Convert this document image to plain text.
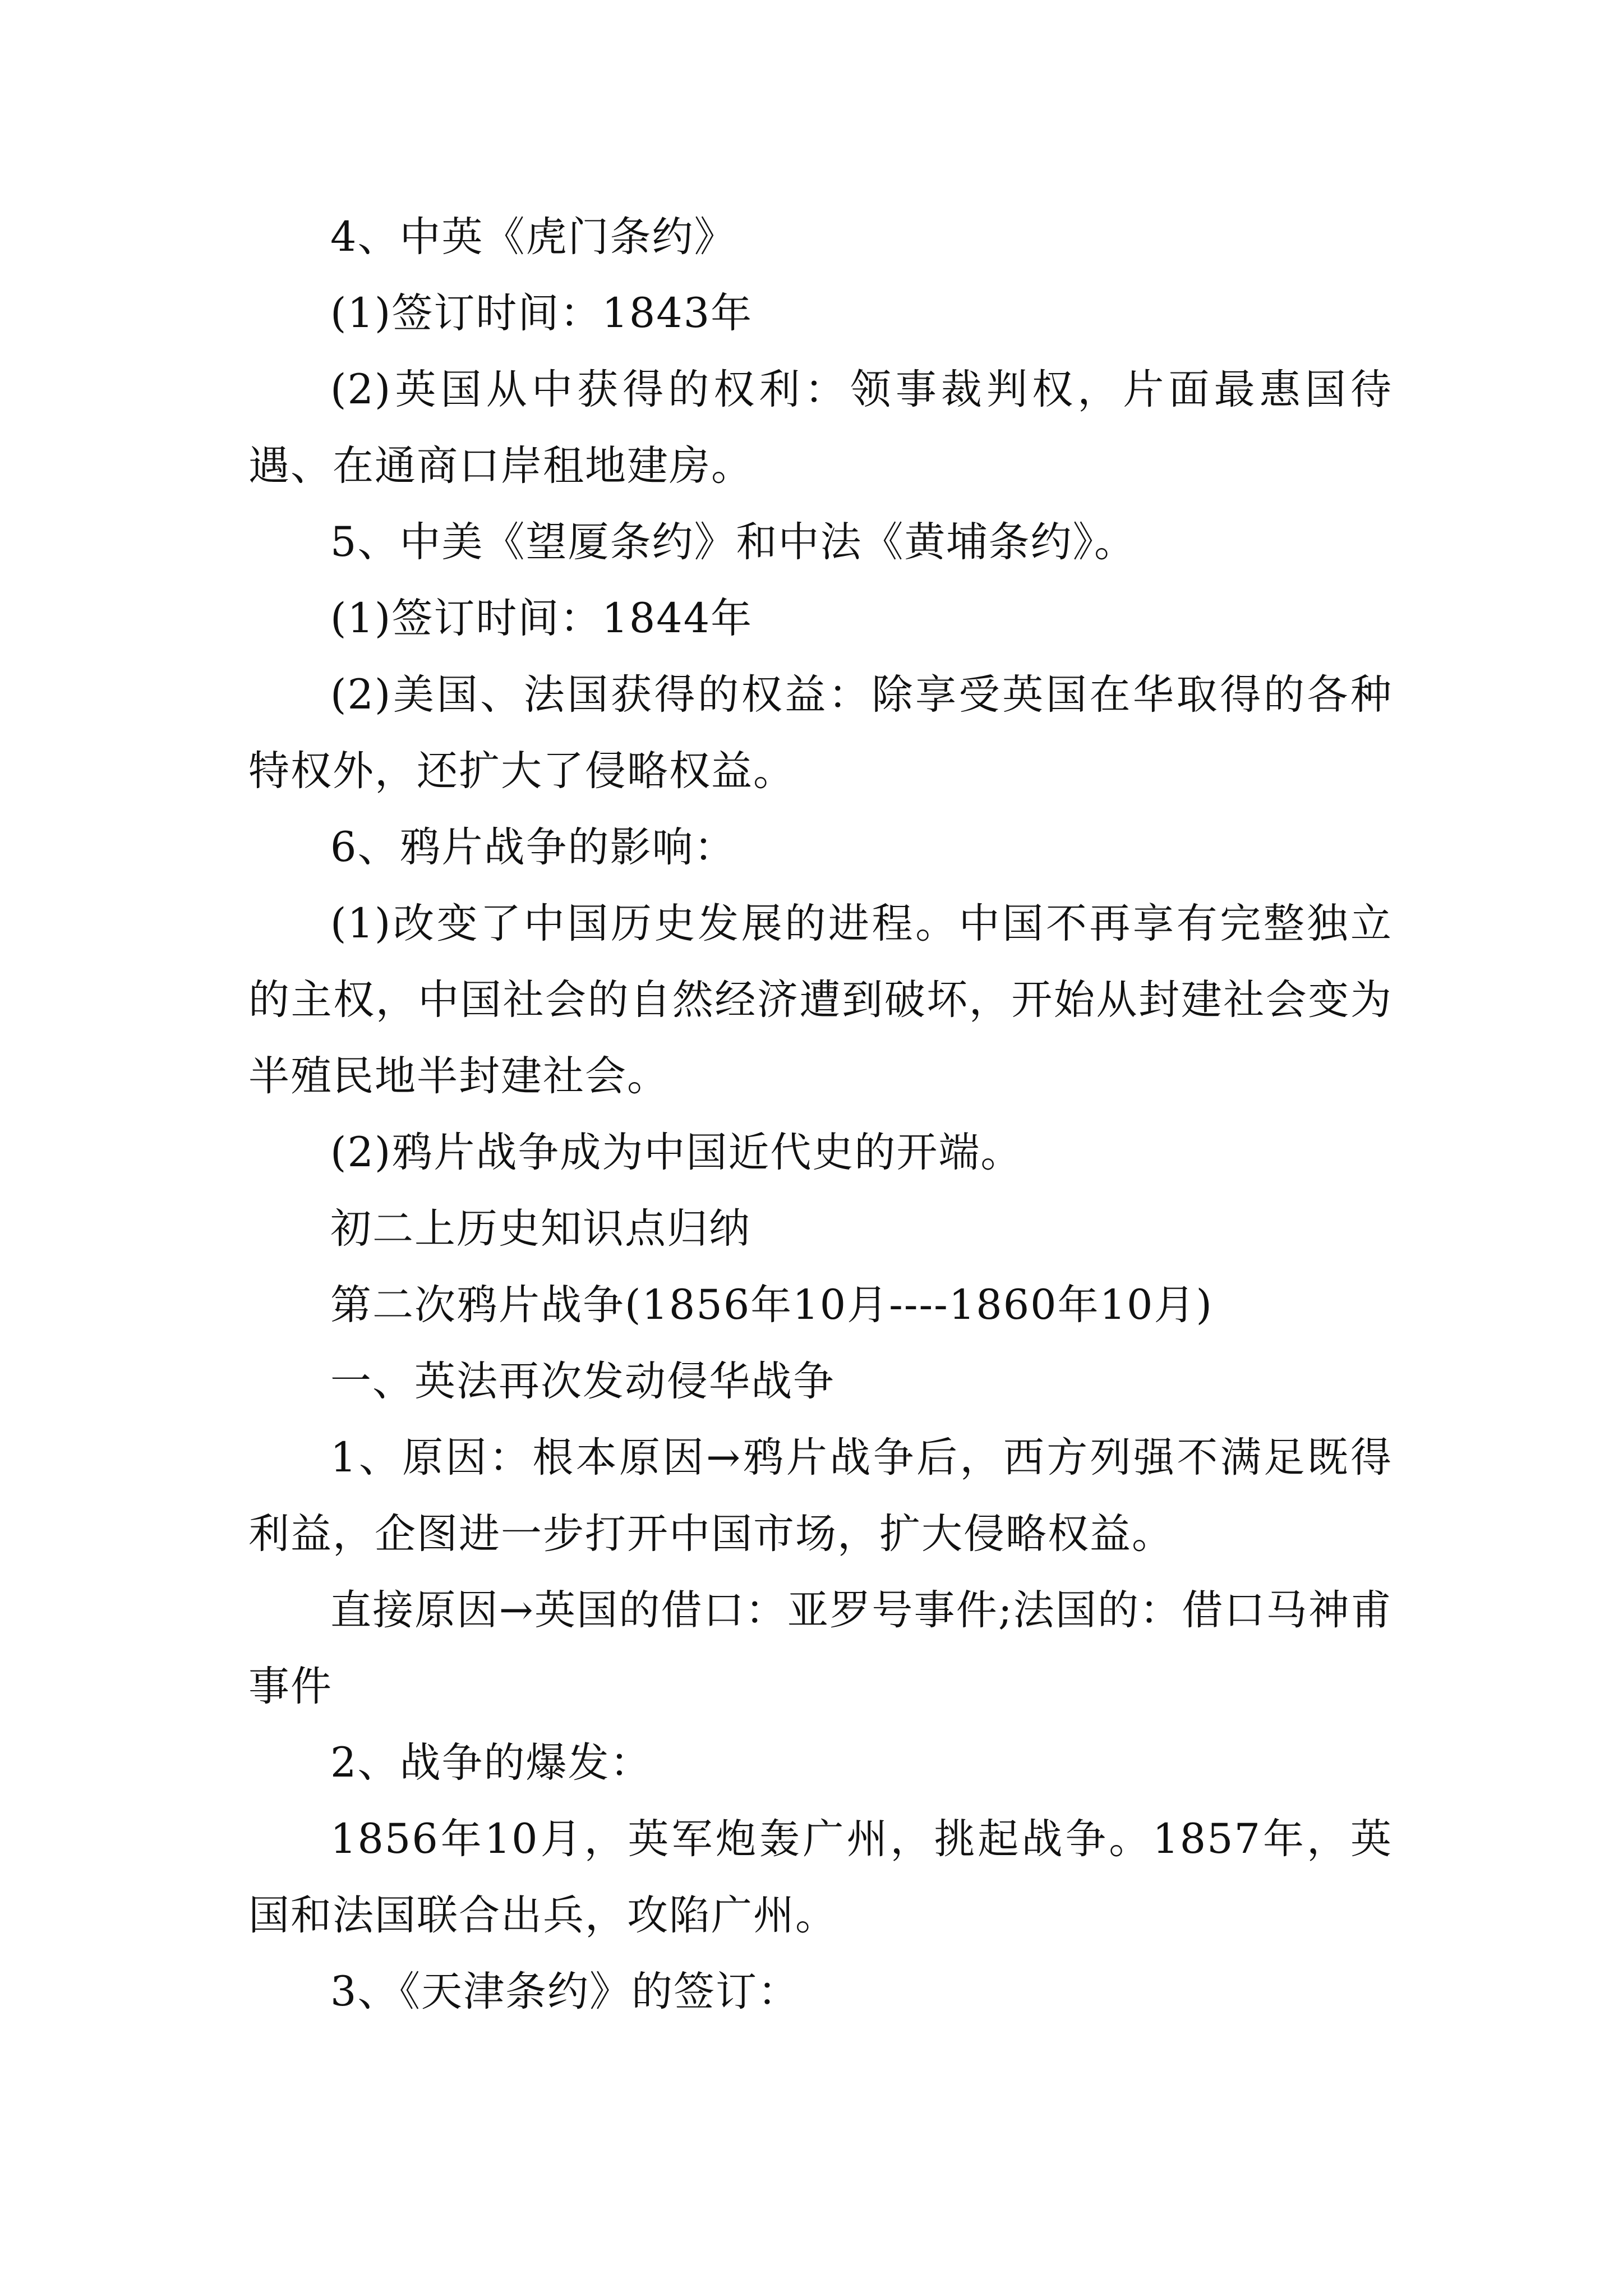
4、中英《虎门条约》

(1)签订时间：1843年

(2)英国从中获得的权利：领事裁判权，片面最惠国待遇、在通商口岸租地建房。

5、中美《望厦条约》和中法《黄埔条约》。

(1)签订时间：1844年

(2)美国、法国获得的权益：除享受英国在华取得的各种特权外，还扩大了侵略权益。

6、鸦片战争的影响：

(1)改变了中国历史发展的进程。中国不再享有完整独立的主权，中国社会的自然经济遭到破坏，开始从封建社会变为半殖民地半封建社会。

(2)鸦片战争成为中国近代史的开端。

初二上历史知识点归纳

第二次鸦片战争(1856年10月----1860年10月)

一、英法再次发动侵华战争

1、原因：根本原因→鸦片战争后，西方列强不满足既得利益，企图进一步打开中国市场，扩大侵略权益。

直接原因→英国的借口：亚罗号事件;法国的：借口马神甫事件

2、战争的爆发：

1856年10月，英军炮轰广州，挑起战争。1857年，英国和法国联合出兵，攻陷广州。

3、《天津条约》的签订：
